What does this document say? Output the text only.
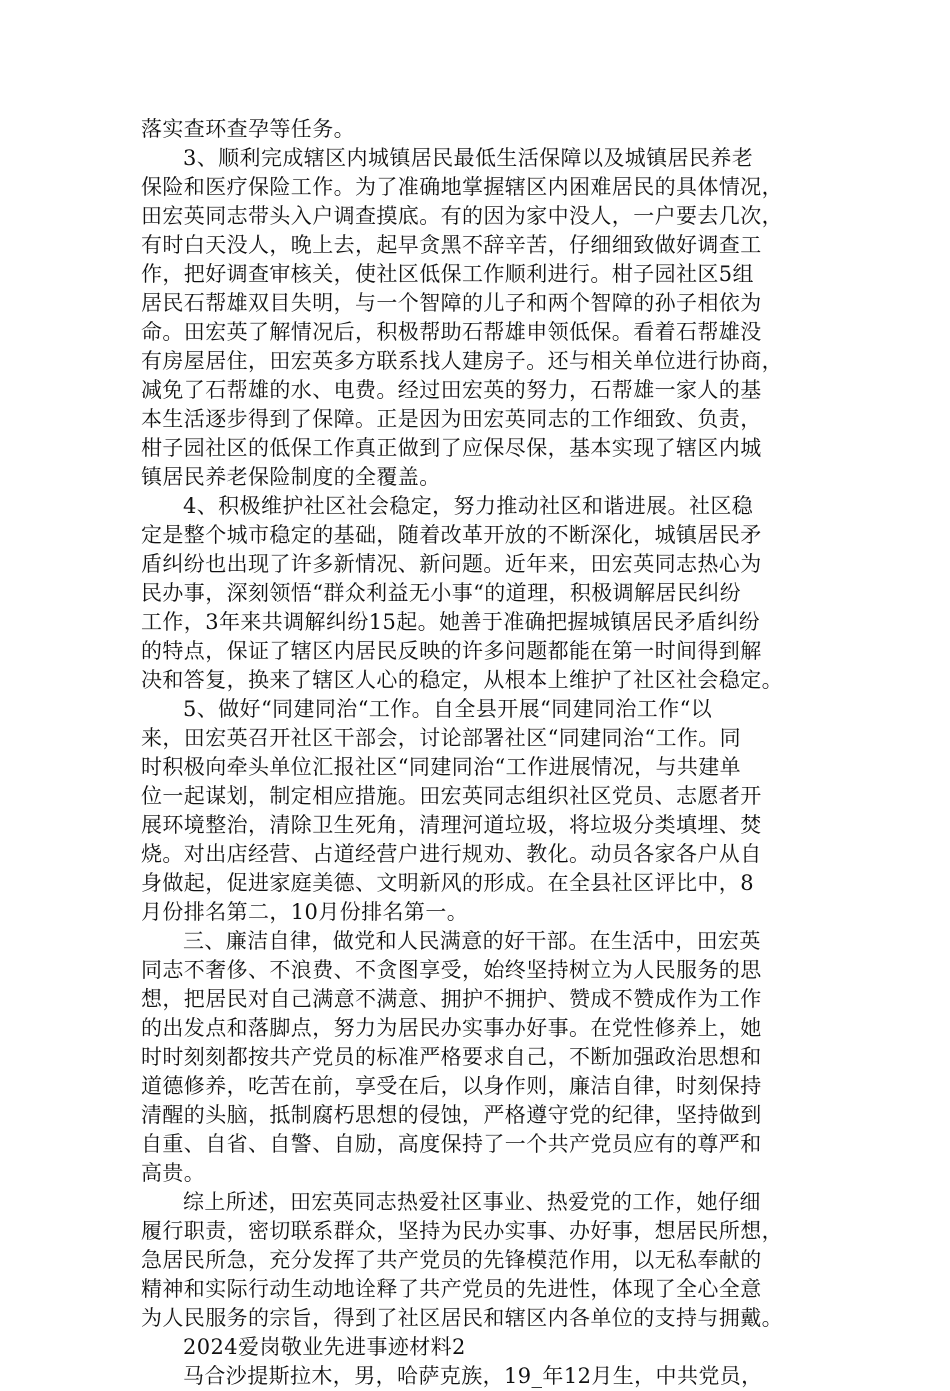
落实查环查孕等任务。
3、顺利完成辖区内城镇居民最低生活保障以及城镇居民养老
保险和医疗保险工作。为了准确地掌握辖区内困难居民的具体情况，
田宏英同志带头入户调查摸底。有的因为家中没人，一户要去几次，
有时白天没人，晚上去，起早贪黑不辞辛苦，仔细细致做好调查工
作，把好调查审核关，使社区低保工作顺利进行。柑子园社区5组
居民石帮雄双目失明，与一个智障的儿子和两个智障的孙子相依为
命。田宏英了解情况后，积极帮助石帮雄申领低保。看着石帮雄没
有房屋居住，田宏英多方联系找人建房子。还与相关单位进行协商，
减免了石帮雄的水、电费。经过田宏英的努力，石帮雄一家人的基
本生活逐步得到了保障。正是因为田宏英同志的工作细致、负责，
柑子园社区的低保工作真正做到了应保尽保，基本实现了辖区内城
镇居民养老保险制度的全覆盖。
4、积极维护社区社会稳定，努力推动社区和谐进展。社区稳
定是整个城市稳定的基础，随着改革开放的不断深化，城镇居民矛
盾纠纷也出现了许多新情况、新问题。近年来，田宏英同志热心为
民办事，深刻领悟“群众利益无小事“的道理，积极调解居民纠纷
工作，3年来共调解纠纷15起。她善于准确把握城镇居民矛盾纠纷
的特点，保证了辖区内居民反映的许多问题都能在第一时间得到解
决和答复，换来了辖区人心的稳定，从根本上维护了社区社会稳定。
5、做好“同建同治“工作。自全县开展“同建同治工作“以
来，田宏英召开社区干部会，讨论部署社区“同建同治“工作。同
时积极向牵头单位汇报社区“同建同治“工作进展情况，与共建单
位一起谋划，制定相应措施。田宏英同志组织社区党员、志愿者开
展环境整治，清除卫生死角，清理河道垃圾，将垃圾分类填埋、焚
烧。对出店经营、占道经营户进行规劝、教化。动员各家各户从自
身做起，促进家庭美德、文明新风的形成。在全县社区评比中，8
月份排名第二，10月份排名第一。
三、廉洁自律，做党和人民满意的好干部。在生活中，田宏英
同志不奢侈、不浪费、不贪图享受，始终坚持树立为人民服务的思
想，把居民对自己满意不满意、拥护不拥护、赞成不赞成作为工作
的出发点和落脚点，努力为居民办实事办好事。在党性修养上，她
时时刻刻都按共产党员的标准严格要求自己，不断加强政治思想和
道德修养，吃苦在前，享受在后，以身作则，廉洁自律，时刻保持
清醒的头脑，抵制腐朽思想的侵蚀，严格遵守党的纪律，坚持做到
自重、自省、自警、自励，高度保持了一个共产党员应有的尊严和
高贵。
综上所述，田宏英同志热爱社区事业、热爱党的工作，她仔细
履行职责，密切联系群众，坚持为民办实事、办好事，想居民所想，
急居民所急，充分发挥了共产党员的先锋模范作用，以无私奉献的
精神和实际行动生动地诠释了共产党员的先进性，体现了全心全意
为人民服务的宗旨，得到了社区居民和辖区内各单位的支持与拥戴。
2024爱岗敬业先进事迹材料2
马合沙提斯拉木，男，哈萨克族，19_年12月生，中共党员，
